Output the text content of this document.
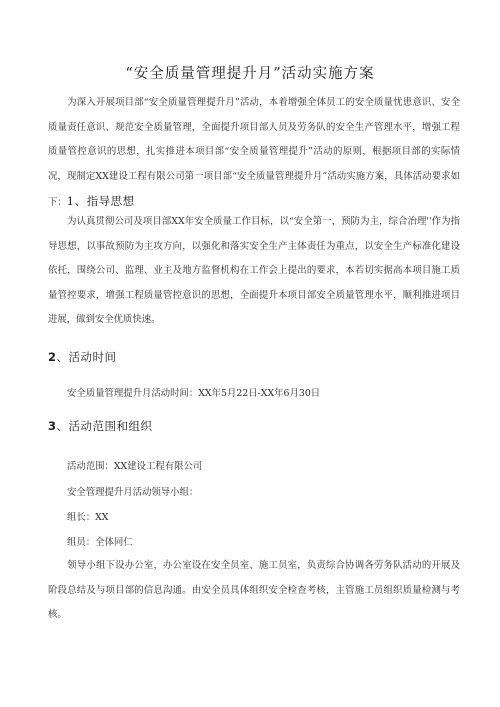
“安全质量管理提升月”活动实施方案

为深入开展项目部“安全质量管理提升月”活动，本着增强全体员工的安全质量忧患意识、安全质量责任意识、规范安全质量管理，全面提升项目部人员及劳务队的安全生产管理水平，增强工程质量管控意识的思想，扎实推进本项目部“安全质量管理提升”活动的原则，根据项目部的实际情况，现制定XX建设工程有限公司第一项目部“安全质量管理提升月”活动实施方案，具体活动要求如下：1、指导思想

为认真贯彻公司及项目部XX年安全质量工作目标，以“安全第一，预防为主，综合治理''作为指导思想，以事故预防为主攻方向，以强化和落实安全生产主体责任为重点，以安全生产标准化建设依托，围绕公司、监理、业主及地方监督机构在工作会上提出的要求，本若切实据高本项目施工质量管控要求，增强工程质量管控意识的思想，全面提升本项目部安全质量管理水平，顺利推进项目进展，做到安全优质快速。

2、活动时间
安全质量管理提升月活动时间：XX年5月22日-XX年6月30日
3、活动范围和组织
活动范围：XX建设工程有限公司
安全管理提升月活动领导小组：
组长：XX
组员：全体同仁

领导小组下设办公室，办公室设在安全员室、施工员室，负责综合协调各劳务队活动的开展及阶段总结及与项目部的信息沟通。由安全员具体组织安全检查考核，主管施工员组织质量检测与考核。
